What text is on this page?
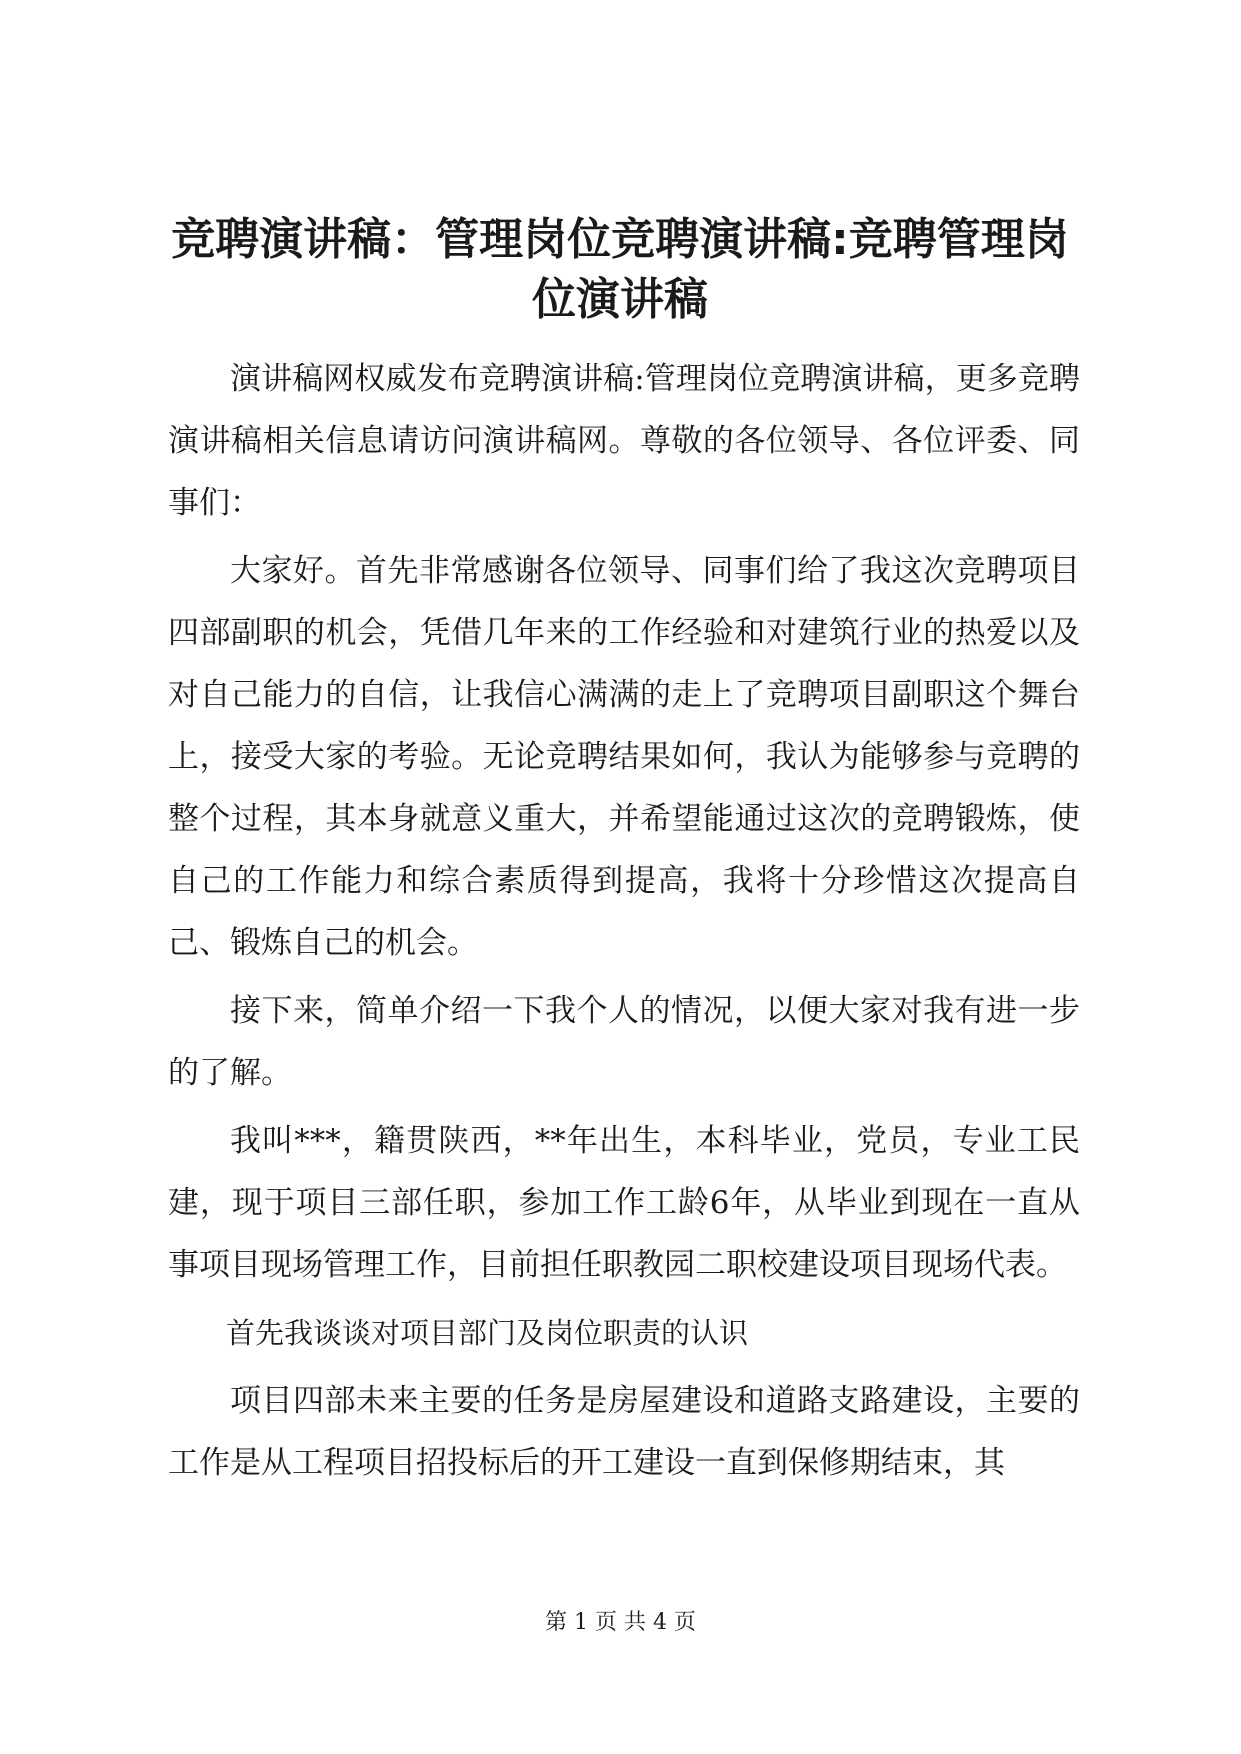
竞聘演讲稿：管理岗位竞聘演讲稿:竞聘管理岗位演讲稿

演讲稿网权威发布竞聘演讲稿:管理岗位竞聘演讲稿，更多竞聘演讲稿相关信息请访问演讲稿网。尊敬的各位领导、各位评委、同事们：

大家好。首先非常感谢各位领导、同事们给了我这次竞聘项目四部副职的机会，凭借几年来的工作经验和对建筑行业的热爱以及对自己能力的自信，让我信心满满的走上了竞聘项目副职这个舞台上，接受大家的考验。无论竞聘结果如何，我认为能够参与竞聘的整个过程，其本身就意义重大，并希望能通过这次的竞聘锻炼，使自己的工作能力和综合素质得到提高，我将十分珍惜这次提高自己、锻炼自己的机会。

接下来，简单介绍一下我个人的情况，以便大家对我有进一步的了解。

我叫***，籍贯陕西，**年出生，本科毕业，党员，专业工民建，现于项目三部任职，参加工作工龄6年，从毕业到现在一直从事项目现场管理工作，目前担任职教园二职校建设项目现场代表。

首先我谈谈对项目部门及岗位职责的认识

项目四部未来主要的任务是房屋建设和道路支路建设，主要的工作是从工程项目招投标后的开工建设一直到保修期结束，其

第 1 页 共 4 页
